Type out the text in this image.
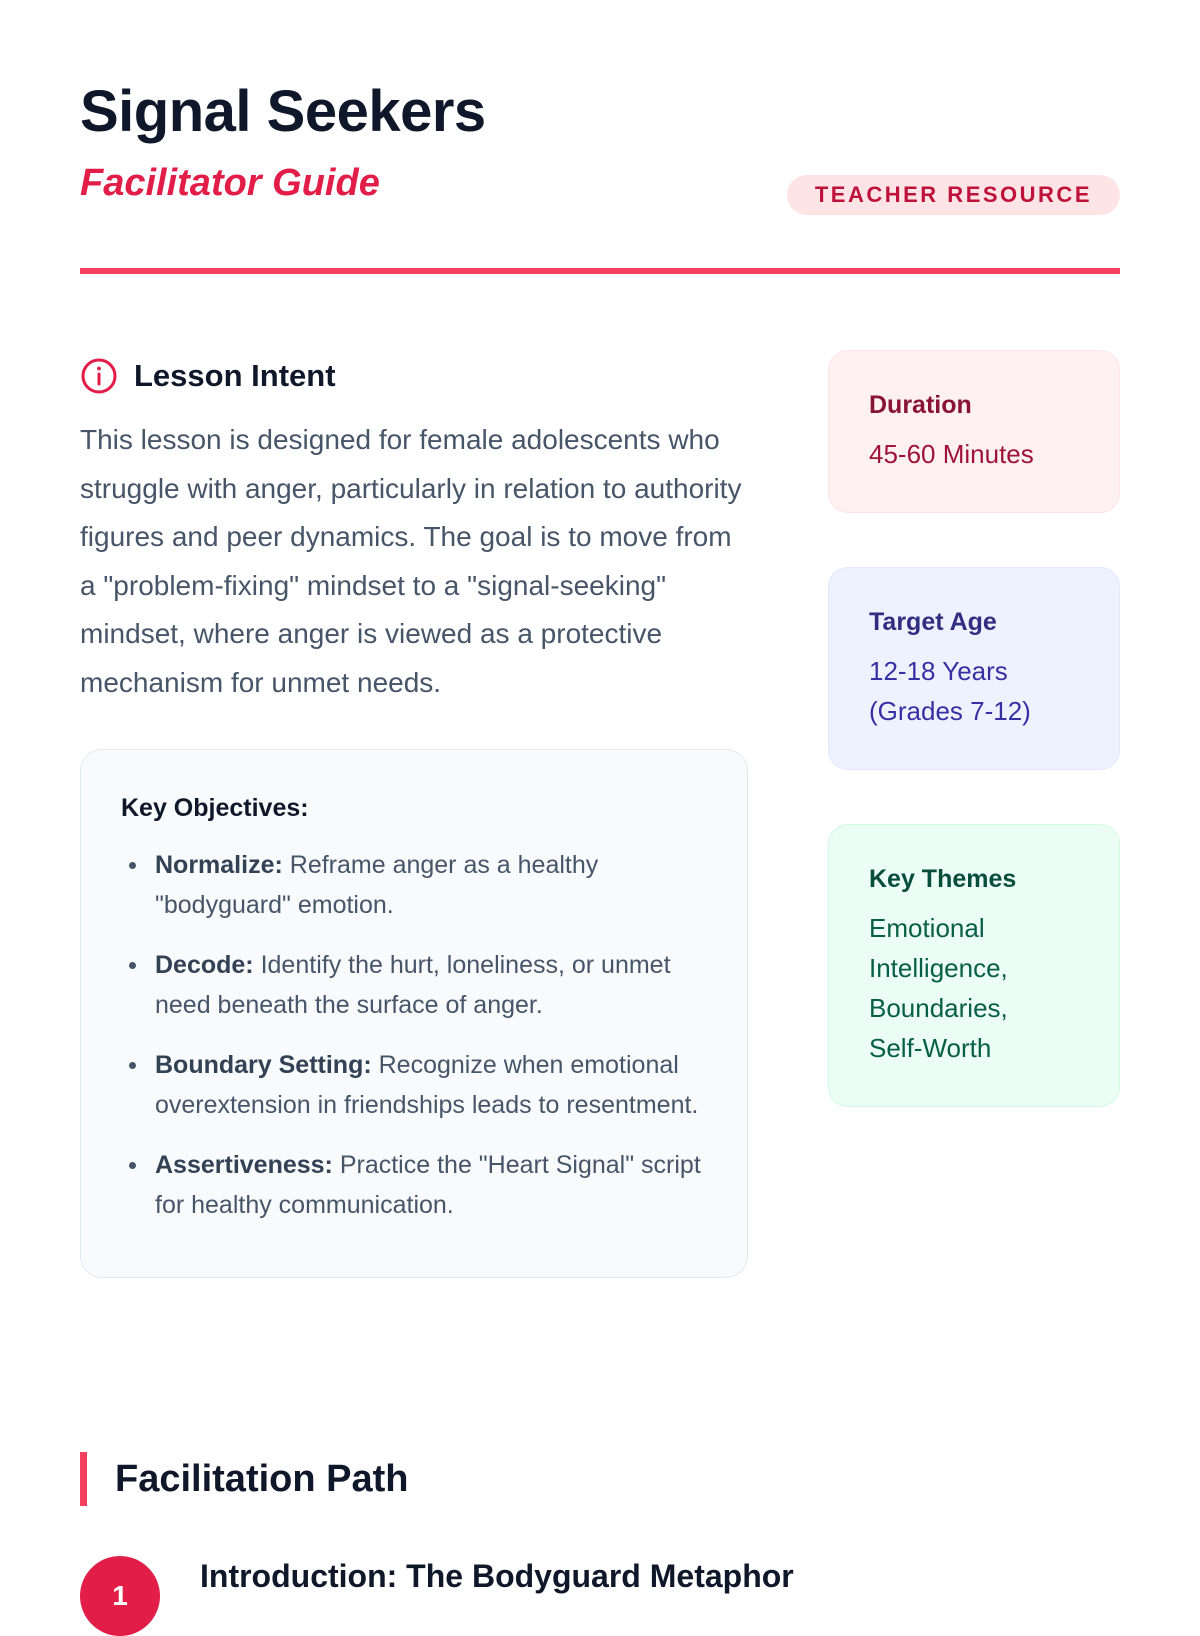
Signal Seekers
Facilitator Guide	TEACHER RESOURCE
Lesson Intent

This lesson is designed for female adolescents who struggle with anger, particularly in relation to authority figures and peer dynamics. The goal is to move from a "problem-fixing" mindset to a "signal-seeking" mindset, where anger is viewed as a protective mechanism for unmet needs.

Key Objectives:
Normalize: Reframe anger as a healthy "bodyguard" emotion.
Decode: Identify the hurt, loneliness, or unmet need beneath the surface of anger.
Boundary Setting: Recognize when emotional overextension in friendships leads to resentment.
Assertiveness: Practice the "Heart Signal" script for healthy communication.
Duration
45-60 Minutes
Target Age
12-18 Years
(Grades 7-12)
Key Themes
Emotional
Intelligence,
Boundaries,
Self-Worth
Facilitation Path
1
Introduction: The Bodyguard Metaphor
